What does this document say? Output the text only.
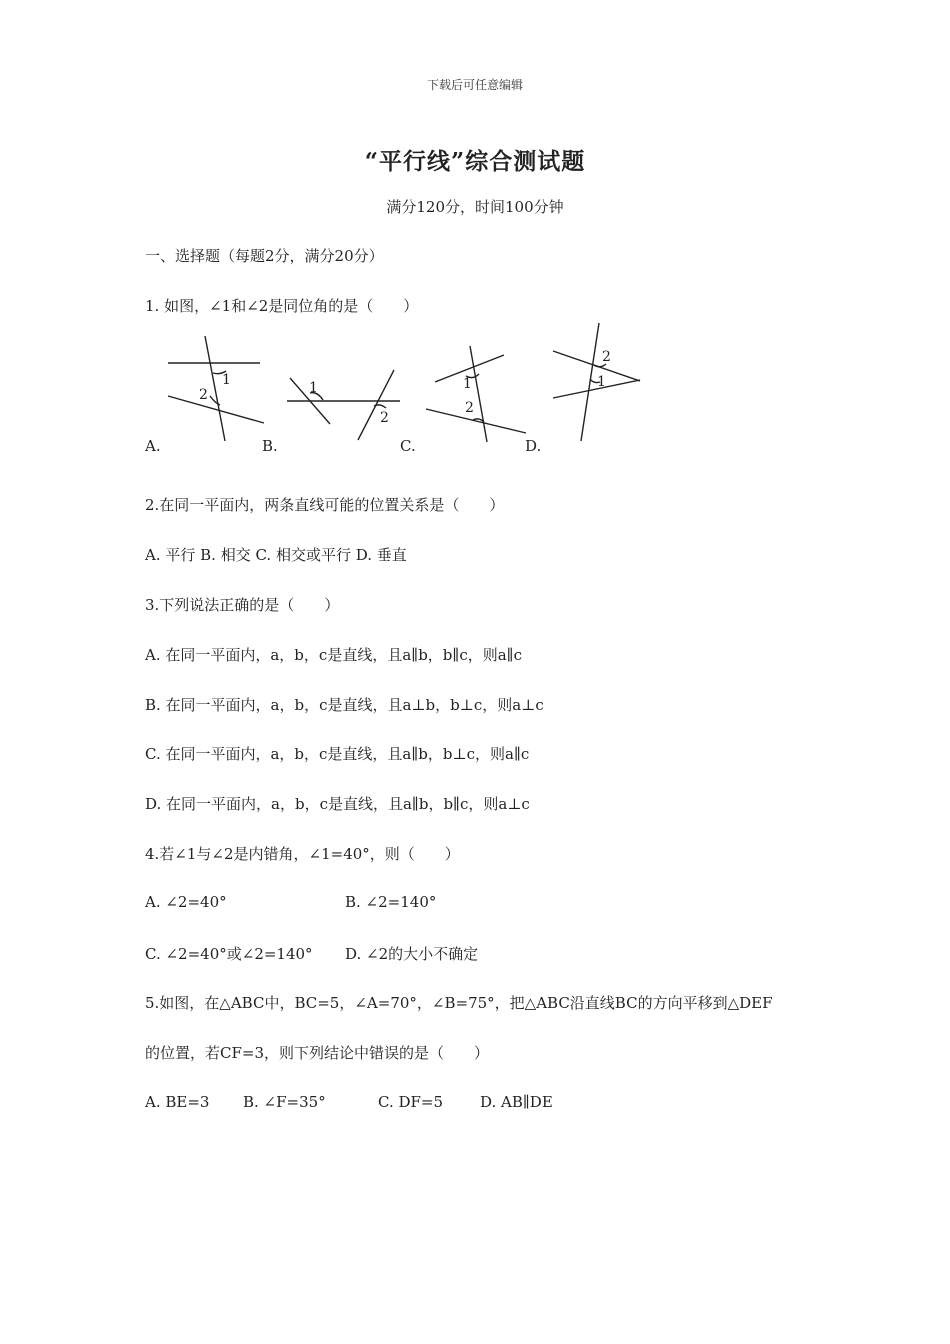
下载后可任意编辑
“平行线”综合测试题
满分120分，时间100分钟
一、选择题（每题2分，满分20分）
1. 如图，∠1和∠2是同位角的是（　　）
1
2	1
2
1
2
2
1
A.	B.	C.	D.
2.在同一平面内，两条直线可能的位置关系是（　　）
A. 平行 B. 相交 C. 相交或平行 D. 垂直
3.下列说法正确的是（　　）
A. 在同一平面内，a，b，c是直线，且a∥b，b∥c，则a∥c
B. 在同一平面内，a，b，c是直线，且a⊥b，b⊥c，则a⊥c
C. 在同一平面内，a，b，c是直线，且a∥b，b⊥c，则a∥c
D. 在同一平面内，a，b，c是直线，且a∥b，b∥c，则a⊥c
4.若∠1与∠2是内错角，∠1=40°，则（　　）
A. ∠2=40°	B. ∠2=140°
C. ∠2=40°或∠2=140° D. ∠2的大小不确定
5.如图，在△ABC中，BC=5，∠A=70°，∠B=75°，把△ABC沿直线BC的方向平移到△DEF
的位置，若CF=3，则下列结论中错误的是（　　）
A. BE=3 B. ∠F=35°	C. DF=5 D. AB∥DE
